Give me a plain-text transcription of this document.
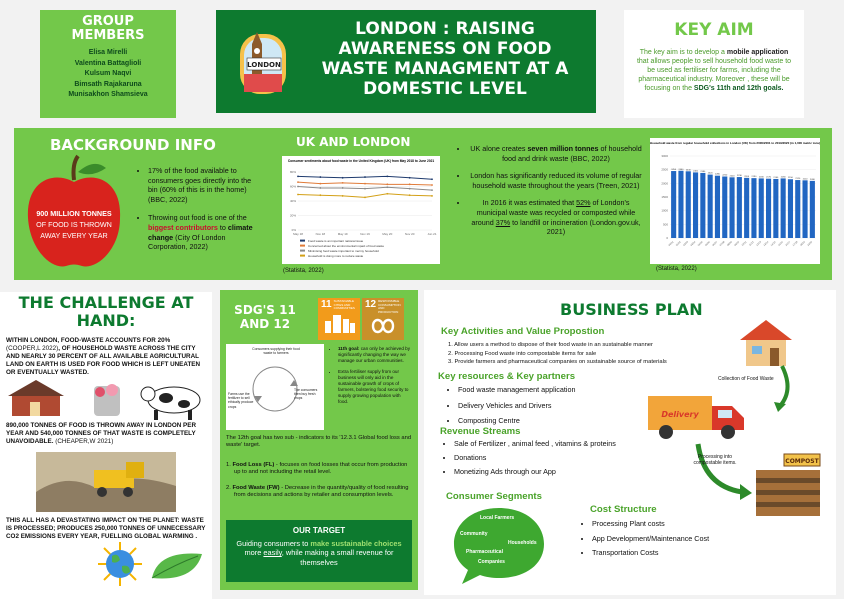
GROUP MEMBERS
Elisa Mirelli
Valentina Battaglioli
Kulsum Naqvi
Bimsath Rajakaruna
Munisakhon Shamsieva
LONDON
LONDON : RAISING AWARENESS ON FOOD WASTE MANAGMENT AT A DOMESTIC LEVEL
KEY AIM
The key aim is to develop a mobile application that allows people to sell household food waste to be used as fertiliser for farms, including the pharmaceutical industry. Moreover , these will be focusing on the SDG's 11th and 12th goals.
BACKGROUND INFO
900 MILLION TONNES
OF FOOD IS THROWN
AWAY EVERY YEAR
• 17% of the food available to consumers goes directly into the bin (60% of this is in the home) (BBC, 2022)
• Throwing out food is one of the biggest contributors to climate change (City Of London Corporation, 2022)
UK AND LONDON
Consumer sentiments about food waste in the United Kingdom (UK) from May 2018 to June 2021
0%
20%
40%
60%
80%
May 18	Nov 18	May 19	Nov 19	May 20	Nov 20	Jun 21
Food waste is an important national issue
Concerned about the environmental impact of food waste
Minimising food waste important to me/my household
Household is doing more to reduce waste
(Statista, 2022)
• UK alone creates seven million tonnes of household food and drink waste (BBC, 2022)
• London has significantly reduced its volume of regular household waste throughout the years (Treen, 2021)
• In 2016 it was estimated that 52% of London's municipal waste was recycled or composted while around 37% to landfill or incineration (London.gov.uk, 2021)
Household waste from regular household collections in London (UK) from 2000/2001 to 2019/2020 (in 1,000 metric tons)
0
500
1000
1500
2000
2500
3000
2450
00/01
2460
01/02
2440
02/03
2400
03/04
2380
04/05
2320
05/06
2280
06/07
2250
07/08
2220
08/09
2230
09/10
2200
10/11
2190
11/12
2180
12/13
2170
13/14
2160
14/15
2180
15/16
2150
16/17
2120
17/18
2110
18/19
2090
19/20
(Statista, 2022)
THE CHALLENGE AT HAND:
WITHIN LONDON, FOOD-WASTE ACCOUNTS FOR 20% (COOPER,L 2022), OF HOUSEHOLD WASTE ACROSS THE CITY AND NEARLY 30 PERCENT OF ALL AVAILABLE AGRICULTURAL LAND ON EARTH IS USED FOR FOOD WHICH IS LEFT UNEATEN OR EVENTUALLY WASTED.
890,000 TONNES OF FOOD IS THROWN AWAY IN LONDON PER YEAR AND 540,000 TONNES OF THAT WASTE IS COMPLETELY UNAVOIDABLE. (CHEAPER,W 2021)
THIS ALL HAS A DEVASTATING IMPACT ON THE PLANET: WASTE IS PROCESSED; PRODUCES 250,000 TONNES OF UNNECESSARY CO2 EMISSIONS EVERY YEAR, FUELLING GLOBAL WARMING .
SDG'S 11 AND 12
11 SUSTAINABLE CITIES AND COMMUNITIES 12 RESPONSIBLE CONSUMPTION AND PRODUCTION
Consumers supplying their food waste to farmers
Farms use the fertilizer to sell ethically produce crops
The consumers then buy fresh crops
• 11th goal: can only be achieved by significantly changing the way we manage our urban communities.
• Extra fertiliser supply from our business will only aid in the sustainable growth of crops of farmers, bolstering food security to supply growing population with food.
The 12th goal has two sub - indicators to its '12.3.1 Global food loss and waste' target.
1. Food Loss (FL) - focuses on food losses that occur from production up to and not including the retail level.
2. Food Waste (FW) - Decrease in the quantity/quality of food resulting from decisions and actions by retailer and consumption levels.
OUR TARGET
Guiding consumers to make sustainable choices more easily, while making a small revenue for themselves
BUSINESS PLAN
Key Activities and Value Propostion
1. Allow users a method to dispose of their food waste in an sustainable manner
2. Processing Food waste into compostable items for sale
3. Provide farmers and pharmaceutical companies on sustainable source of materials
Key resources & Key partners
• Food waste management application
• Delivery Vehicles and Drivers
• Composting Centre
Revenue Streams
• Sale of Fertilizer , animal feed , vitamins & proteins
• Donations
• Monetizing Ads through our App
Consumer Segments
Local Farmers
Community
Households
Pharmaceutical
Companies
Cost Structure
• Processing Plant costs
• App Development/Maintenance Cost
• Transportation Costs
Collection of Food Waste
Delivery
Processing into compostable items.	COMPOST
